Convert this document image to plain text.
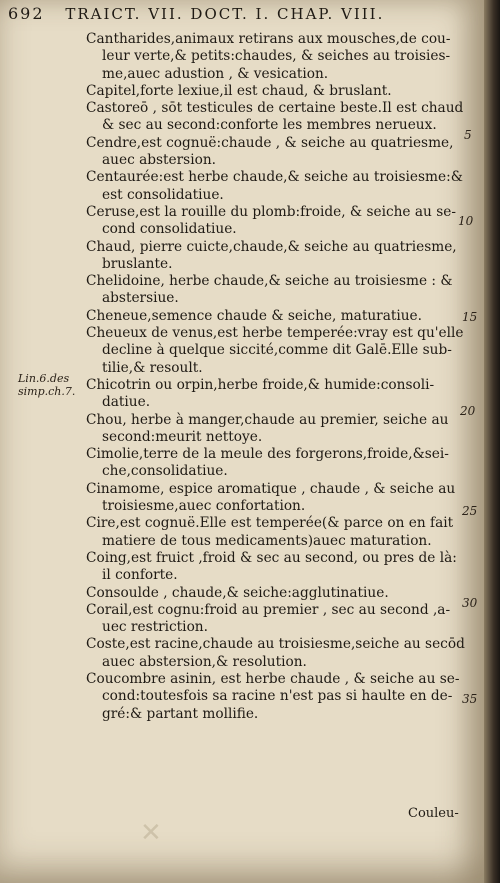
692 TRAICT. VII. DOCT. I. CHAP. VIII.
Cantharides,animaux retirans aux mousches,de cou-
leur verte,& petits:chaudes, & seiches au troisies-
me,auec adustion , & vesication.
Capitel,forte lexiue,il est chaud, & bruslant.
Castoreō , sōt testicules de certaine beste.Il est chaud
& sec au second:conforte les membres nerueux.
Cendre,est cognuë:chaude , & seiche au quatriesme,
auec abstersion.
Centaurée:est herbe chaude,& seiche au troisiesme:&
est consolidatiue.
Ceruse,est la rouille du plomb:froide, & seiche au se-
cond consolidatiue.
Chaud, pierre cuicte,chaude,& seiche au quatriesme,
bruslante.
Chelidoine, herbe chaude,& seiche au troisiesme : &
abstersiue.
Cheneue,semence chaude & seiche, maturatiue.
Cheueux de venus,est herbe temperée:vray est qu'elle
decline à quelque siccité,comme dit Galē.Elle sub-
tilie,& resoult.
Chicotrin ou orpin,herbe froide,& humide:consoli-
datiue.
Chou, herbe à manger,chaude au premier, seiche au
second:meurit nettoye.
Cimolie,terre de la meule des forgerons,froide,&sei-
che,consolidatiue.
Cinamome, espice aromatique , chaude , & seiche au
troisiesme,auec confortation.
Cire,est cognuë.Elle est temperée(& parce on en fait
matiere de tous medicaments)auec maturation.
Coing,est fruict ,froid & sec au second, ou pres de là:
il conforte.
Consoulde , chaude,& seiche:agglutinatiue.
Corail,est cognu:froid au premier , sec au second ,a-
uec restriction.
Coste,est racine,chaude au troisiesme,seiche au secōd
auec abstersion,& resolution.
Coucombre asinin, est herbe chaude , & seiche au se-
cond:toutesfois sa racine n'est pas si haulte en de-
gré:& partant mollifie.
Lin.6.des
simp.ch.7.
5
10
15
20
25
30
35
✕
Couleu-
